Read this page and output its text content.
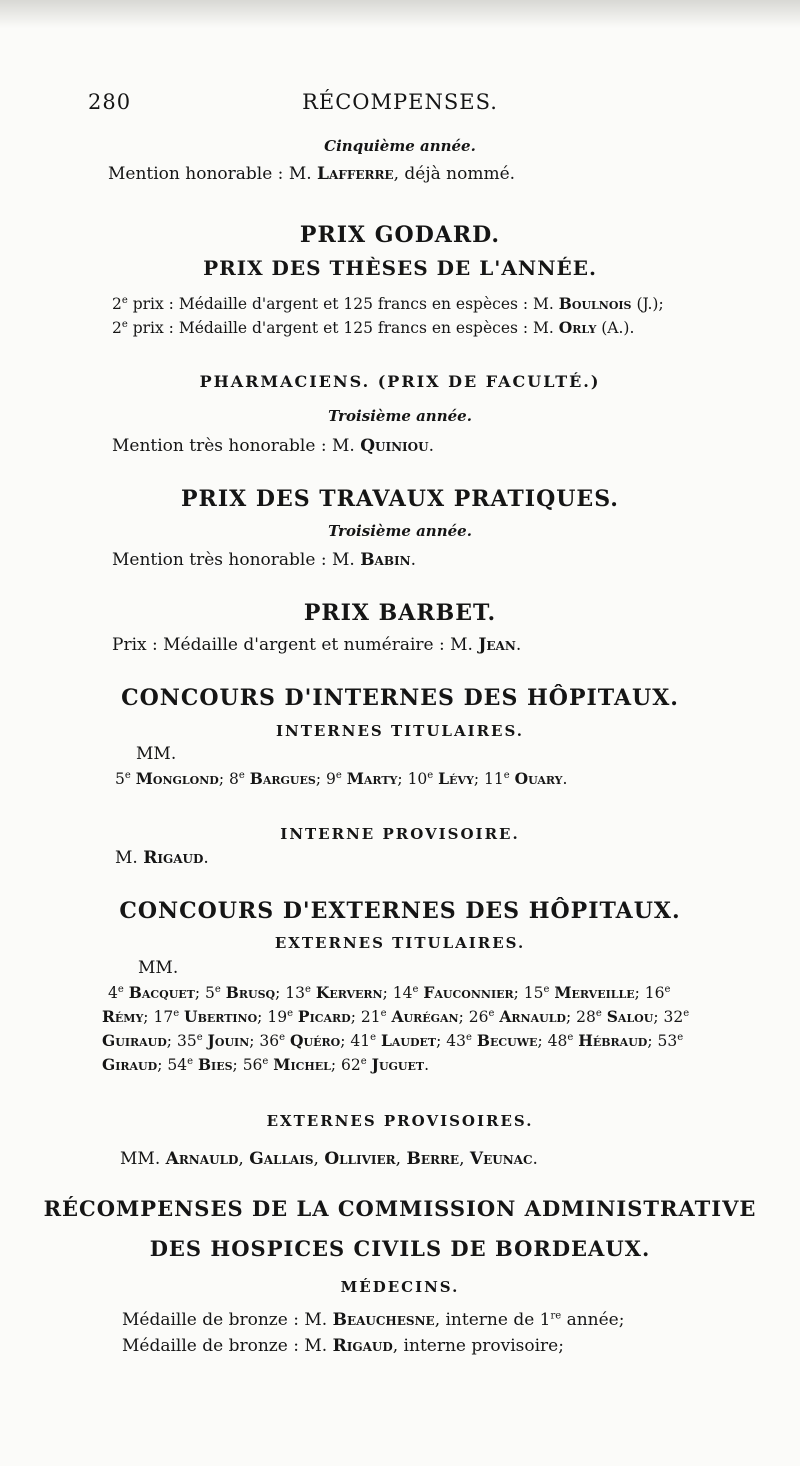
280	RÉCOMPENSES.
Cinquième année.
Mention honorable : M. Lafferre, déjà nommé.
PRIX GODARD.
PRIX DES THÈSES DE L'ANNÉE.
2e prix : Médaille d'argent et 125 francs en espèces : M. Boulnois (J.);
2e prix : Médaille d'argent et 125 francs en espèces : M. Orly (A.).
PHARMACIENS. (PRIX DE FACULTÉ.)
Troisième année.
Mention très honorable : M. Quiniou.
PRIX DES TRAVAUX PRATIQUES.
Troisième année.
Mention très honorable : M. Babin.
PRIX BARBET.
Prix : Médaille d'argent et numéraire : M. Jean.
CONCOURS D'INTERNES DES HÔPITAUX.
INTERNES TITULAIRES.
MM.
5e Monglond; 8e Bargues; 9e Marty; 10e Lévy; 11e Ouary.
INTERNE PROVISOIRE.
M. Rigaud.
CONCOURS D'EXTERNES DES HÔPITAUX.
EXTERNES TITULAIRES.
MM.
4e Bacquet; 5e Brusq; 13e Kervern; 14e Fauconnier; 15e Merveille; 16e
Rémy; 17e Ubertino; 19e Picard; 21e Aurégan; 26e Arnauld; 28e Salou; 32e
Guiraud; 35e Jouin; 36e Quéro; 41e Laudet; 43e Becuwe; 48e Hébraud; 53e
Giraud; 54e Bies; 56e Michel; 62e Juguet.
EXTERNES PROVISOIRES.
MM. Arnauld, Gallais, Ollivier, Berre, Veunac.
RÉCOMPENSES DE LA COMMISSION ADMINISTRATIVE
DES HOSPICES CIVILS DE BORDEAUX.
MÉDECINS.
Médaille de bronze : M. Beauchesne, interne de 1re année;
Médaille de bronze : M. Rigaud, interne provisoire;
